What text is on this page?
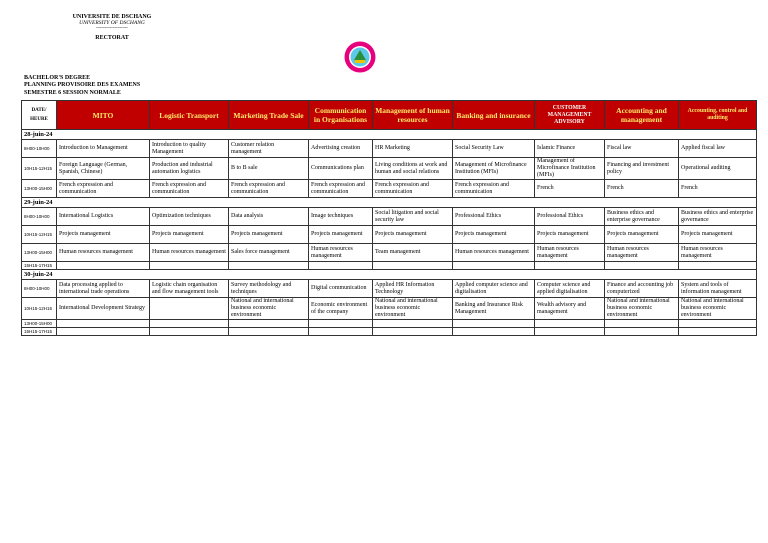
UNIVERSITE DE DSCHANG
UNIVERSITY OF DSCHANG
-------------------
RECTORAT
BACHELOR'S DEGREE
PLANNING PROVISOIRE DES EXAMENS
SEMESTRE 6 SESSION NORMALE
DATE/ HEURE	MITO	Logistic Transport	Marketing Trade Sale	Communication in Organisations	Management of human resources	Banking and insurance	CUSTOMER MANAGEMENT ADVISORY	Accounting and management	Accounting, control and auditing
28-juin-24									
8H00-10H00	Introduction to Management	Introduction to quality Management	Customer relation management	Advertising creation	HR Marketing	Social Security Law	Islamic Finance	Fiscal law	Applied fiscal law
10H15-12H15	Foreign Language (German, Spanish, Chinese)	Production and industrial automation logistics	B to B sale	Communications plan	Living conditions at work and human and social relations	Management of Microfinance Institution (MFIs)	Management of Microfinance Institution (MFIs)	Financing and investment policy	Operational auditing
13H00-15H00	French expression and communication	French expression and communication	French expression and communication	French expression and communication	French expression and communication	French expression and communication	French	French	French
29-juin-24									
8H00-10H00	International Logistics	Optimization techniques	Data analysis	Image techniques	Social litigation and social security law	Professional Ethics	Professional Ethics	Business ethics and enterprise governance	Business ethics and enterprise governance
10H15-12H15	Projects management	Projects management	Projects management	Projects management	Projects management	Projects management	Projects management	Projects management	Projects management
13H00-15H00	Human resources management	Human resources management	Sales force management	Human resources management	Team management	Human resources management	Human resources management	Human resources management	Human resources management
15H15-17H15									
30-juin-24									
8H00-10H00	Data processing applied to international trade operations	Logistic chain organisation and flow management tools	Survey methodology and techniques	Digital communication	Applied HR Information Technology	Applied computer science and digitalisation	Computer science and applied digitalisation	Finance and accounting job computerized	System and tools of information management
10H15-12H15	International Development Strategy		National and international business economic environment	Economic environment of the company	National and international business economic environment	Banking and Insurance Risk Management	Wealth advisory and management	National and international business economic environment	National and international business economic environment
13H00-15H00									
15H15-17H15									
